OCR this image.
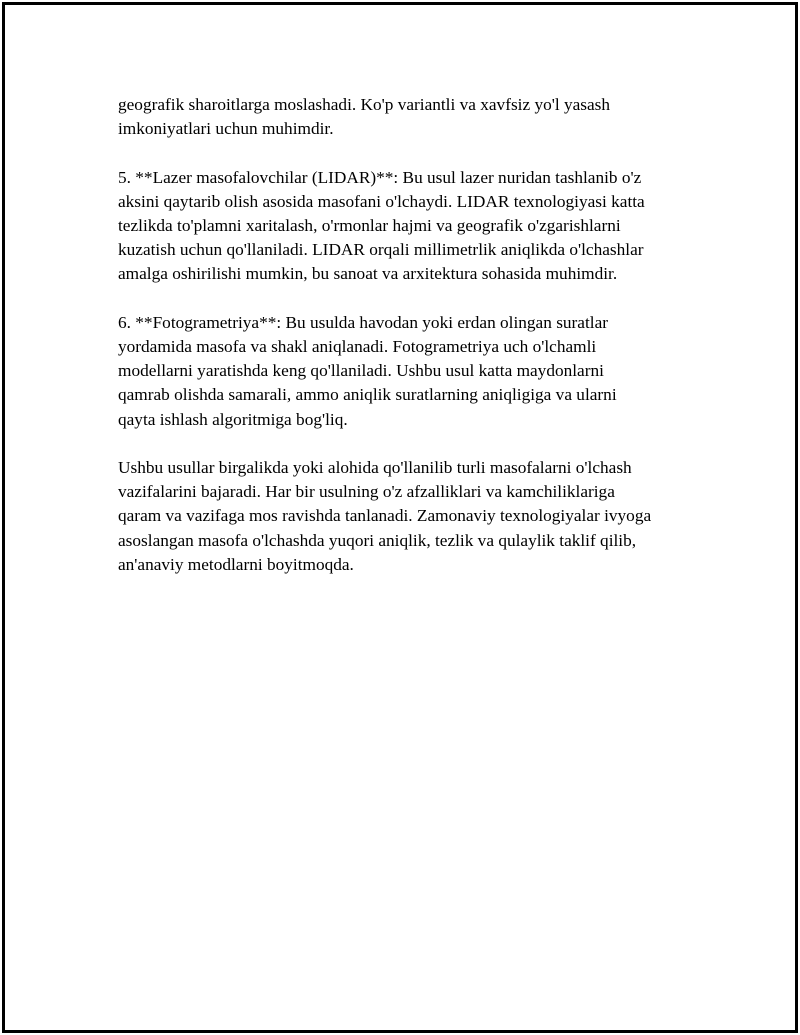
geografik sharoitlarga moslashadi. Ko'p variantli va xavfsiz yo'l yasash
imkoniyatlari uchun muhimdir.

5. **Lazer masofalovchilar (LIDAR)**: Bu usul lazer nuridan tashlanib o'z
aksini qaytarib olish asosida masofani o'lchaydi. LIDAR texnologiyasi katta
tezlikda to'plamni xaritalash, o'rmonlar hajmi va geografik o'zgarishlarni
kuzatish uchun qo'llaniladi. LIDAR orqali millimetrlik aniqlikda o'lchashlar
amalga oshirilishi mumkin, bu sanoat va arxitektura sohasida muhimdir.

6. **Fotogrametriya**: Bu usulda havodan yoki erdan olingan suratlar
yordamida masofa va shakl aniqlanadi. Fotogrametriya uch o'lchamli
modellarni yaratishda keng qo'llaniladi. Ushbu usul katta maydonlarni
qamrab olishda samarali, ammo aniqlik suratlarning aniqligiga va ularni
qayta ishlash algoritmiga bog'liq.

Ushbu usullar birgalikda yoki alohida qo'llanilib turli masofalarni o'lchash
vazifalarini bajaradi. Har bir usulning o'z afzalliklari va kamchiliklariga
qaram va vazifaga mos ravishda tanlanadi. Zamonaviy texnologiyalar ivyoga
asoslangan masofa o'lchashda yuqori aniqlik, tezlik va qulaylik taklif qilib,
an'anaviy metodlarni boyitmoqda.
